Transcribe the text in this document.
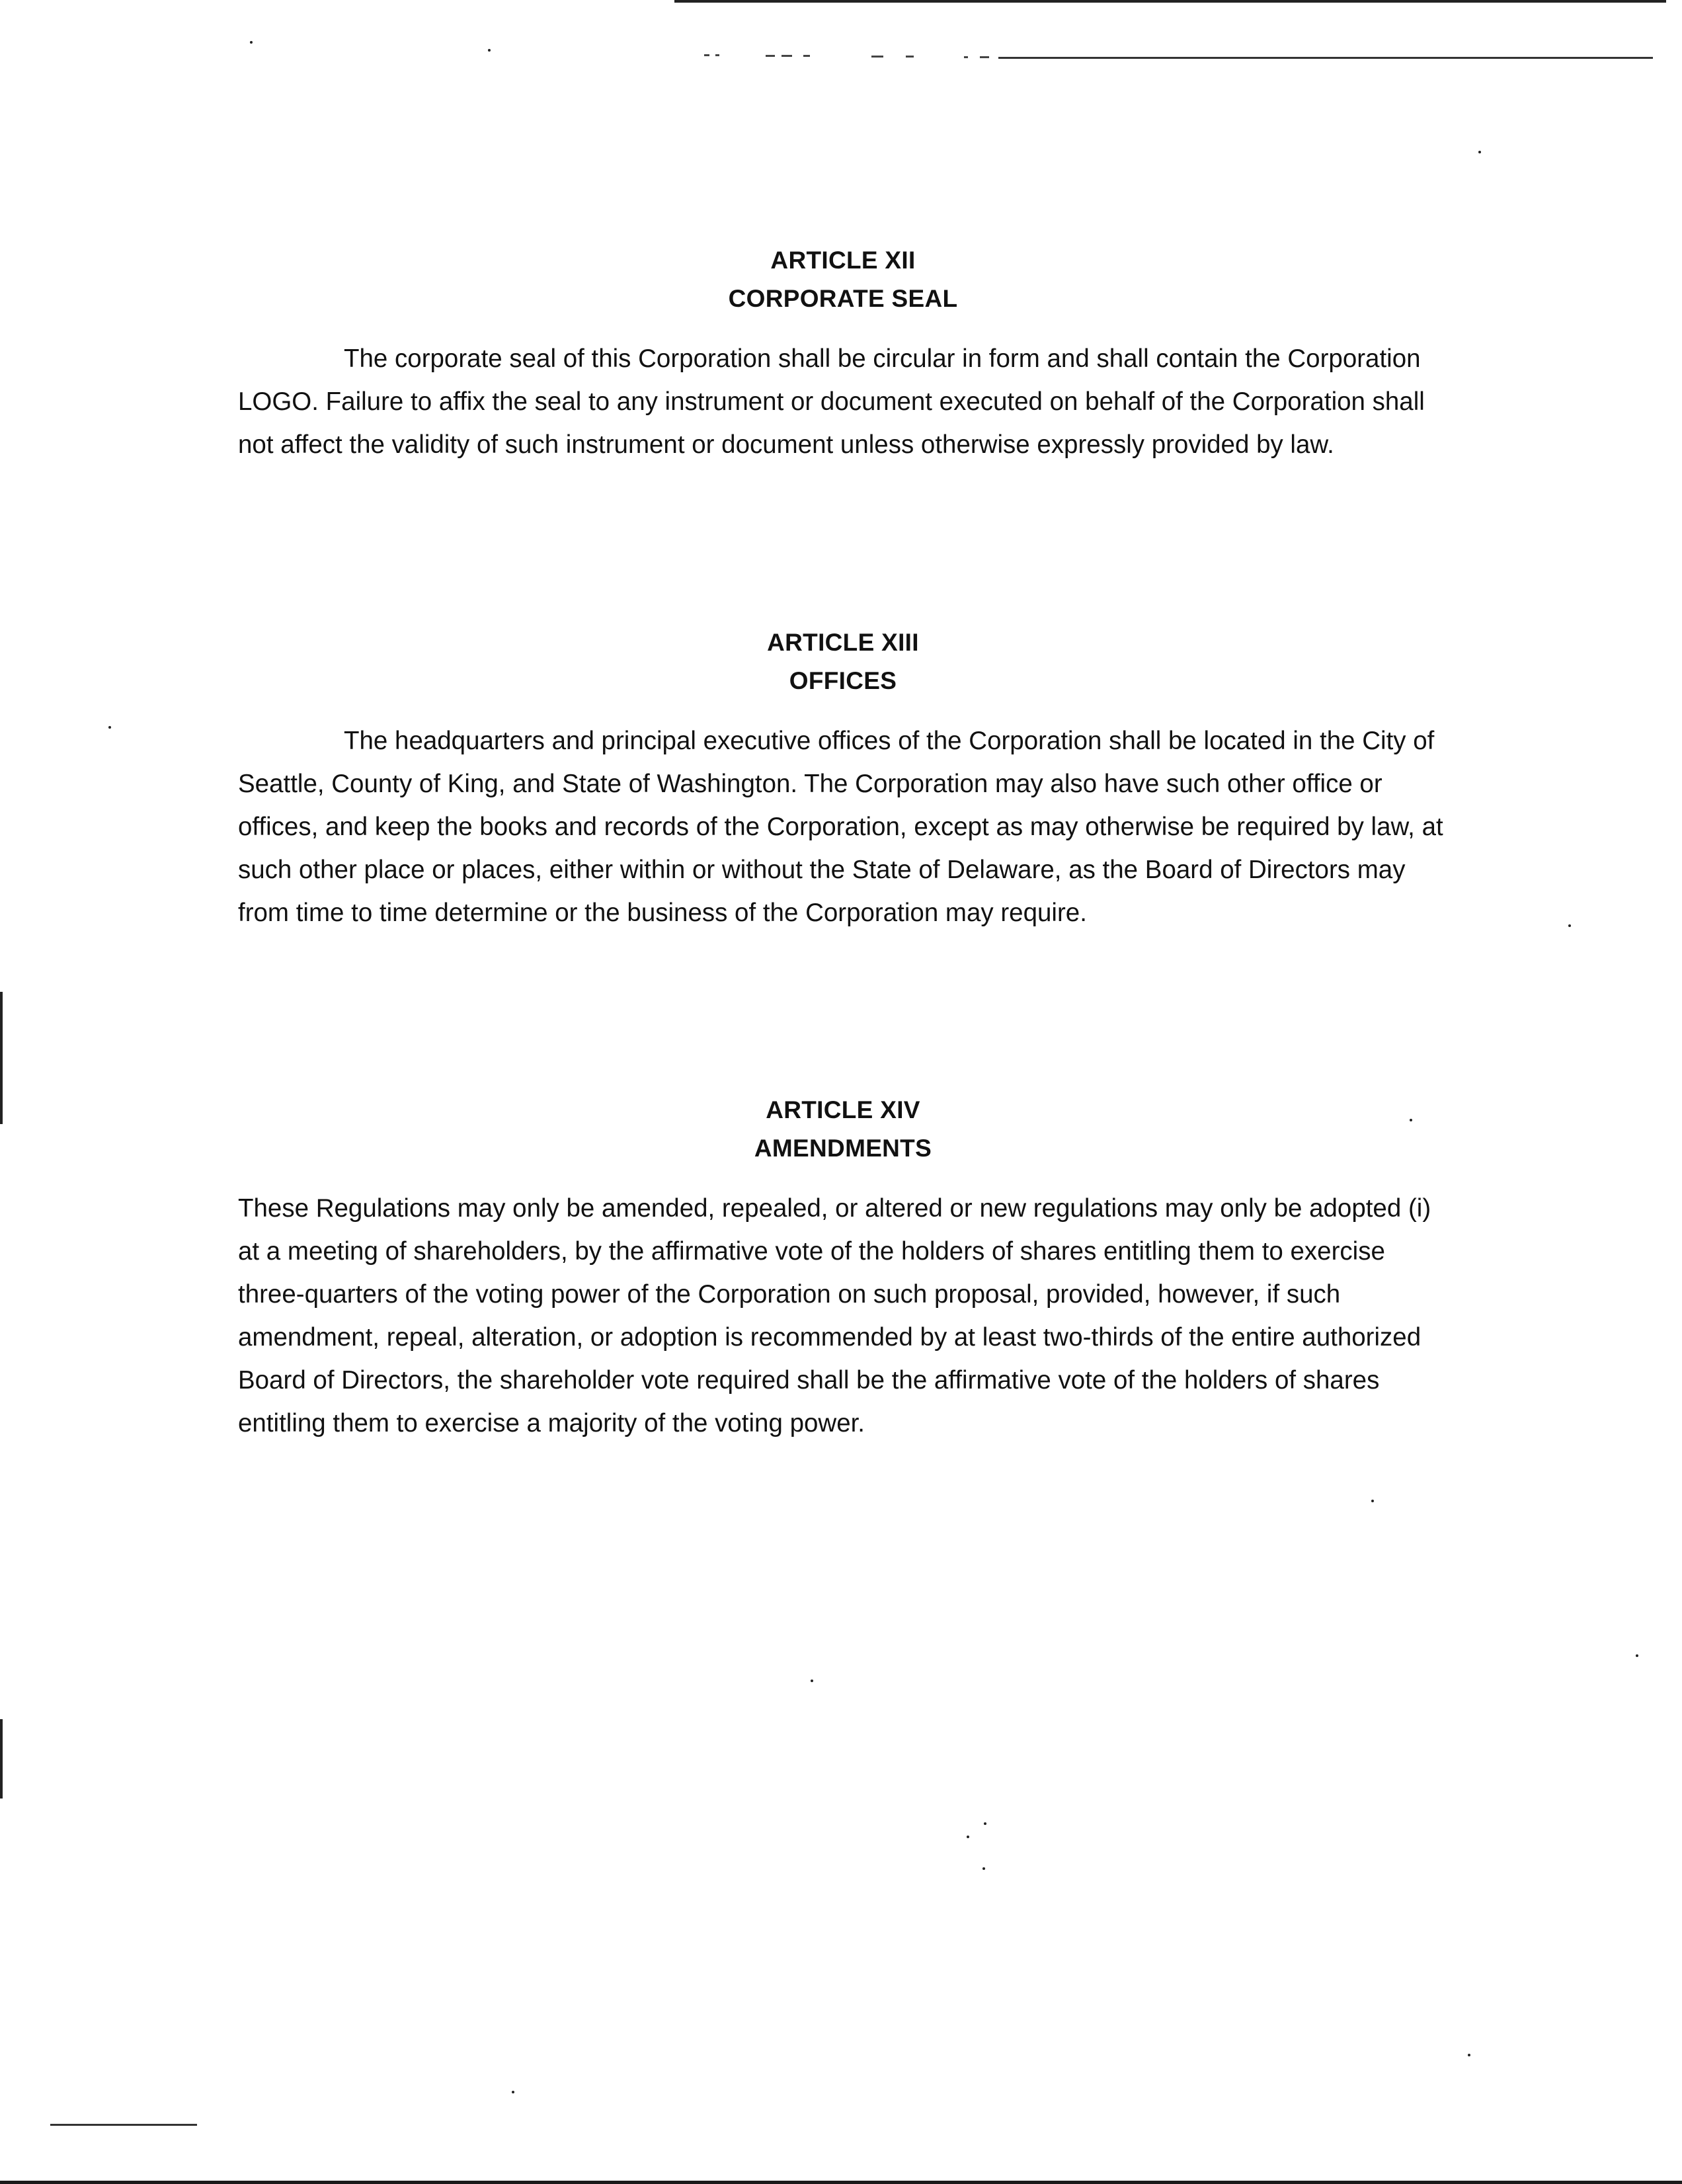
ARTICLE XII
CORPORATE SEAL

The corporate seal of this Corporation shall be circular in form and shall contain the Corporation LOGO. Failure to affix the seal to any instrument or document executed on behalf of the Corporation shall not affect the validity of such instrument or document unless otherwise expressly provided by law.

ARTICLE XIII
OFFICES

The headquarters and principal executive offices of the Corporation shall be located in the City of Seattle, County of King, and State of Washington. The Corporation may also have such other office or offices, and keep the books and records of the Corporation, except as may otherwise be required by law, at such other place or places, either within or without the State of Delaware, as the Board of Directors may from time to time determine or the business of the Corporation may require.

ARTICLE XIV
AMENDMENTS

These Regulations may only be amended, repealed, or altered or new regulations may only be adopted (i) at a meeting of shareholders, by the affirmative vote of the holders of shares entitling them to exercise three-quarters of the voting power of the Corporation on such proposal, provided, however, if such amendment, repeal, alteration, or adoption is recommended by at least two-thirds of the entire authorized Board of Directors, the shareholder vote required shall be the affirmative vote of the holders of shares entitling them to exercise a majority of the voting power.
